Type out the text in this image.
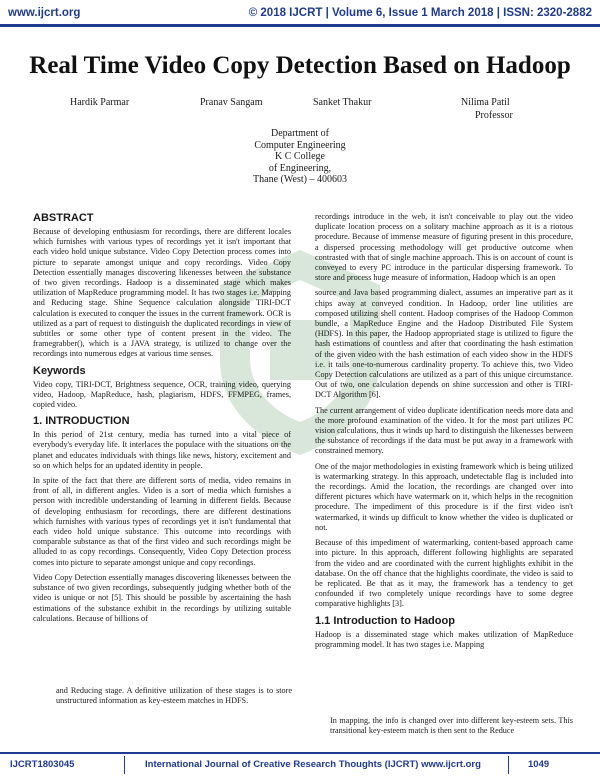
www.ijcrt.org	© 2018 IJCRT | Volume 6, Issue 1 March 2018 | ISSN: 2320-2882
Real Time Video Copy Detection Based on Hadoop
Hardik Parmar	Pranav Sangam	Sanket Thakur	Nilima Patil
Professor
Department of
Computer Engineering
K C College
of Engineering,
Thane (West) – 400603
ABSTRACT

Because of developing enthusiasm for recordings, there are different locales which furnishes with various types of recordings yet it isn't important that each video hold unique substance. Video Copy Detection process comes into picture to separate amongst unique and copy recordings. Video Copy Detection essentially manages discovering likenesses between the substance of two given recordings. Hadoop is a disseminated stage which makes utilization of MapReduce programming model. It has two stages i.e. Mapping and Reducing stage. Shine Sequence calculation alongside TIRI-DCT calculation is executed to conquer the issues in the current framework. OCR is utilized as a part of request to distinguish the duplicated recordings in view of subtitles or some other type of content present in the video. The framegrabber(), which is a JAVA strategy, is utilized to change over the recordings into numerous edges at various time senses.

Keywords

Video copy, TIRI-DCT, Brightness sequence, OCR, training video, querying video, Hadoop, MapReduce, hash, plagiarism, HDFS, FFMPEG, frames, copied video.

1. INTRODUCTION

In this period of 21st century, media has turned into a vital piece of everybody's everyday life. It interlaces the populace with the situations on the planet and educates individuals with things like news, history, excitement and so on which helps for an updated identity in people.

In spite of the fact that there are different sorts of media, video remains in front of all, in different angles. Video is a sort of media which furnishes a person with incredible understanding of learning in different fields. Because of developing enthusiasm for recordings, there are different destinations which furnishes with various types of recordings yet it isn't fundamental that each video hold unique substance. This outcome into recordings with comparable substance as that of the first video and such recordings might be alluded to as copy recordings. Consequently, Video Copy Detection process comes into picture to separate amongst unique and copy recordings.

Video Copy Detection essentially manages discovering likenesses between the substance of two given recordings, subsequently judging whether both of the video is unique or not [5]. This should be possible by ascertaining the hash estimations of the substance exhibit in the recordings by utilizing suitable calculations. Because of billions of

recordings introduce in the web, it isn't conceivable to play out the video duplicate location process on a solitary machine approach as it is a riotous procedure. Because of immense measure of figuring present in this procedure, a dispersed processing methodology will get productive outcome when contrasted with that of single machine approach. This is on account of count is conveyed to every PC introduce in the particular dispersing framework. To store and process huge measure of information, Hadoop which is an open

source and Java based programming dialect, assumes an imperative part as it chips away at conveyed condition. In Hadoop, order line utilities are composed utilizing shell content. Hadoop comprises of the Hadoop Common bundle, a MapReduce Engine and the Hadoop Distributed File System (HDFS). In this paper, the Hadoop appropriated stage is utilized to figure the hash estimations of countless and after that coordinating the hash estimation of the given video with the hash estimation of each video show in the HDFS i.e. it tails one-to-numerous cardinality property. To achieve this, two Video Copy Detection calculations are utilized as a part of this unique circumstance. Out of two, one calculation depends on shine succession and other is TIRI-DCT Algorithm [6].

The current arrangement of video duplicate identification needs more data and the more profound examination of the video. It for the most part utilizes PC vision calculations, thus it winds up hard to distinguish the likenesses between the substance of recordings if the data must be put away in a framework with constrained memory.

One of the major methodologies in existing framework which is being utilized is watermarking strategy. In this approach, undetectable flag is included into the recordings. Amid the location, the recordings are changed over into different pictures which have watermark on it, which helps in the recognition procedure. The impediment of this procedure is if the first video isn't watermarked, it winds up difficult to know whether the video is duplicated or not.

Because of this impediment of watermarking, content-based approach came into picture. In this approach, different following highlights are separated from the video and are coordinated with the current highlights exhibit in the database. On the off chance that the highlights coordinate, the video is said to be replicated. Be that as it may, the framework has a tendency to get confounded if two completely unique recordings have to some degree comparative highlights [3].

1.1 Introduction to Hadoop

Hadoop is a disseminated stage which makes utilization of MapReduce programming model. It has two stages i.e. Mapping

and Reducing stage. A definitive utilization of these stages is to store unstructured information as key-esteem matches in HDFS.
In mapping, the info is changed over into different key-esteem sets. This transitional key-esteem match is then sent to the Reduce
IJCRT1803045	International Journal of Creative Research Thoughts (IJCRT) www.ijcrt.org	1049
